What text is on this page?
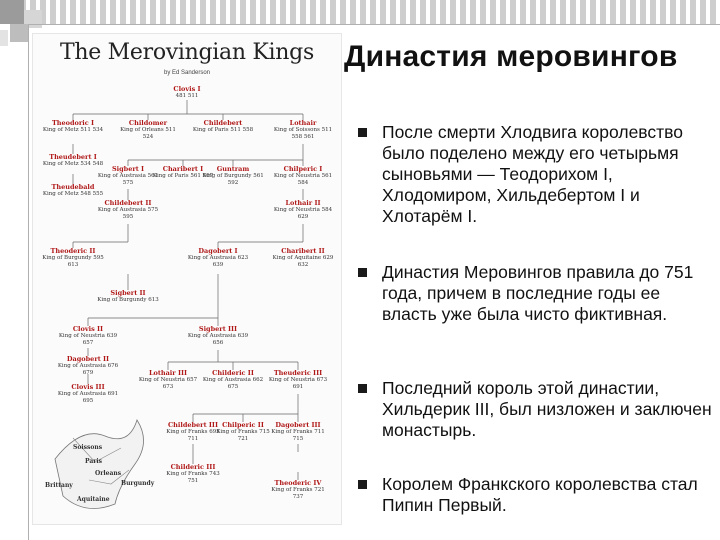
The Merovingian Kings
by Ed Sanderson
Clovis I
481 511
Theodoric I
King of Metz 511 534
Childomer
King of Orleans 511 524
Childebert
King of Paris 511 558
Lothair
King of Soissons 511 558 561
Theudebert I
King of Metz 534 548
Sigbert I
King of Austrasia 561 575
Charibert I
King of Paris 561 567
Guntram
King of Burgundy 561 592
Chilperic I
King of Neustria 561 584
Theudebald
King of Metz 548 555
Childebert II
King of Austrasia 575 595
Lothair II
King of Neustria 584 629
Theoderic II
King of Burgundy 595 613
Dagobert I
King of Austrasia 623 639
Charibert II
King of Aquitaine 629 632
Sigbert II
King of Burgundy 613
Clovis II
King of Neustria 639 657
Sigbert III
King of Austrasia 639 656
Dagobert II
King of Austrasia 676 679	Lothair III
King of Neustria 657 673
Childeric II
King of Austrasia 662 675
Theuderic III
King of Neustria 673 691
Clovis III
King of Austrasia 691 695
Childebert III
King of Franks 695 711
Dagobert III
King of Franks 711 715
Chilperic II
King of Franks 715 721
Childeric III
King of Franks 743 751	Theoderic IV
King of Franks 721 737
Soissons
Paris
Orleans
Burgundy
Aquitaine
Brittany
Династия меровингов
После смерти Хлодвига королевство было поделено между его четырьмя сыновьями — Теодорихом I, Хлодомиром, Хильдебертом I и Хлотарём I.
Династия Меровингов правила до 751 года, причем в последние годы ее власть уже была чисто фиктивная.
Последний король этой династии, Хильдерик III, был низложен и заключен монастырь.
Королем Франкского королевства стал Пипин Первый.
